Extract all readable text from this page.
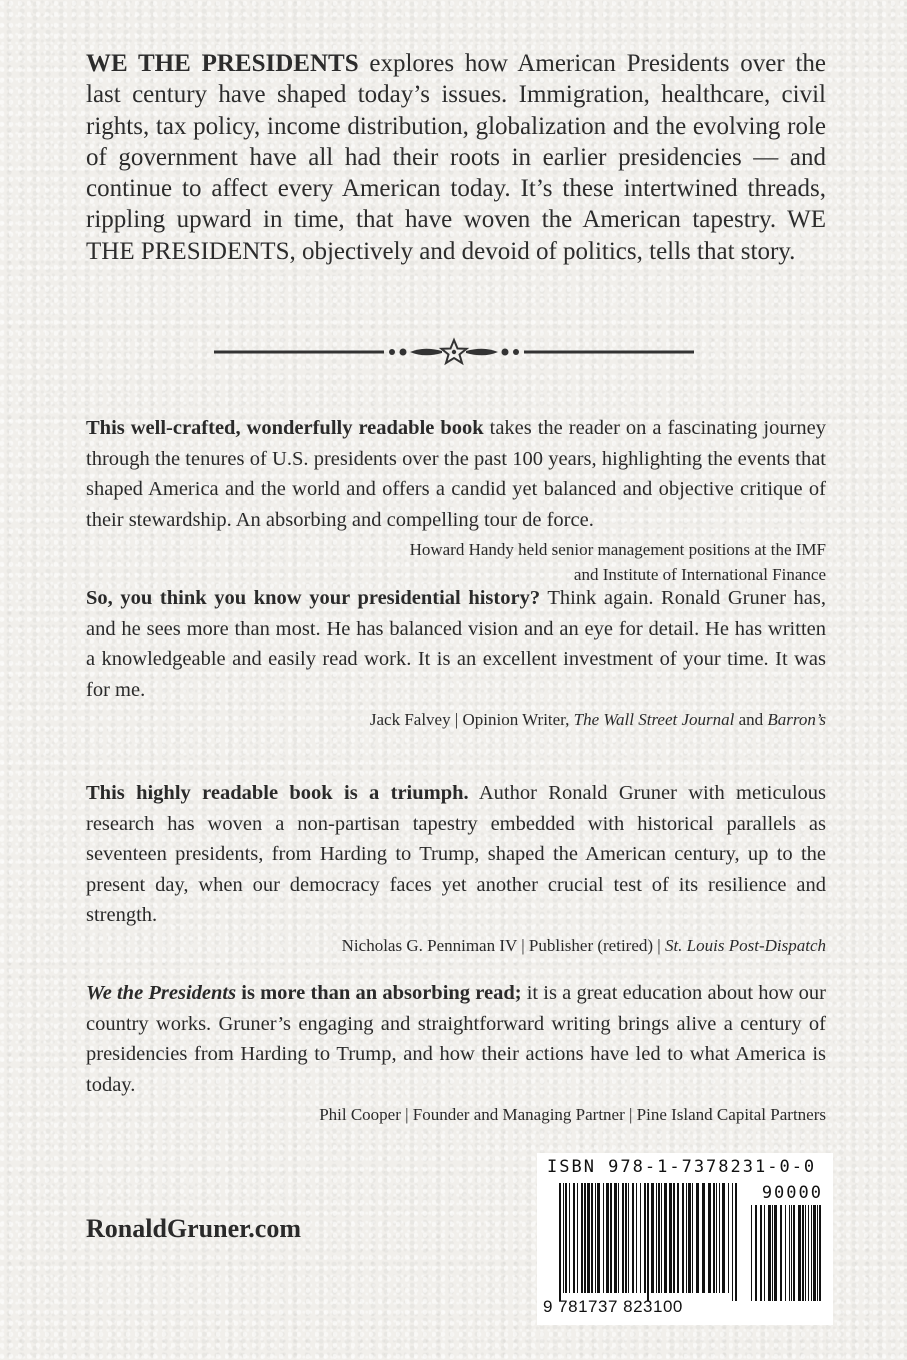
WE THE PRESIDENTS explores how American Presidents over the last century have shaped today’s issues. Immigration, healthcare, civil rights, tax policy, income distribution, globalization and the evolving role of government have all had their roots in earlier presidencies — and continue to affect every American today. It’s these intertwined threads, rippling upward in time, that have woven the American tapestry. WE THE PRESIDENTS, objectively and devoid of politics, tells that story.

This well-crafted, wonderfully readable book takes the reader on a fascinating journey through the tenures of U.S. presidents over the past 100 years, highlighting the events that shaped America and the world and offers a candid yet balanced and objective critique of their stewardship. An absorbing and compelling tour de force.

Howard Handy held senior management positions at the IMF
and Institute of International Finance

So, you think you know your presidential history? Think again. Ronald Gruner has, and he sees more than most. He has balanced vision and an eye for detail. He has written a knowledgeable and easily read work. It is an excellent investment of your time. It was for me.

Jack Falvey | Opinion Writer, The Wall Street Journal and Barron’s

This highly readable book is a triumph. Author Ronald Gruner with meticulous research has woven a non-partisan tapestry embedded with historical parallels as seventeen presidents, from Harding to Trump, shaped the American century, up to the present day, when our democracy faces yet another crucial test of its resilience and strength.

Nicholas G. Penniman IV | Publisher (retired) | St. Louis Post-Dispatch

We the Presidents is more than an absorbing read; it is a great education about how our country works. Gruner’s engaging and straightforward writing brings alive a century of presidencies from Harding to Trump, and how their actions have led to what America is today.

Phil Cooper | Founder and Managing Partner | Pine Island Capital Partners
RonaldGruner.com
ISBN 978-1-7378231-0-0
90000
9 781737 823100
